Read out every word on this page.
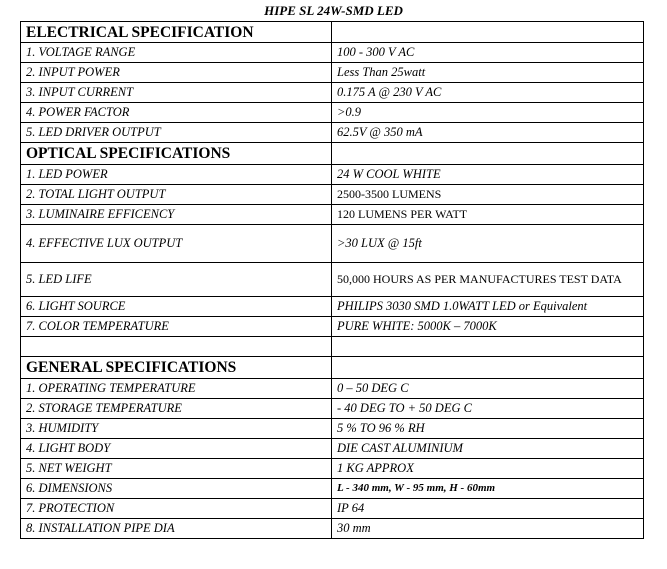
HIPE SL 24W-SMD LED
ELECTRICAL SPECIFICATION	
1. VOLTAGE RANGE	100 - 300 V AC
2. INPUT POWER	Less Than 25watt
3. INPUT CURRENT	0.175 A @ 230 V AC
4. POWER FACTOR	>0.9
5. LED DRIVER OUTPUT	62.5V @ 350 mA
OPTICAL SPECIFICATIONS	
1. LED POWER	24 W COOL WHITE
2. TOTAL LIGHT OUTPUT	2500-3500 LUMENS
3. LUMINAIRE EFFICENCY	120 LUMENS PER WATT
4. EFFECTIVE LUX OUTPUT	>30 LUX @ 15ft
5. LED LIFE	50,000 HOURS AS PER MANUFACTURES TEST DATA
6. LIGHT SOURCE	PHILIPS 3030 SMD 1.0WATT LED or Equivalent
7. COLOR TEMPERATURE	PURE WHITE: 5000K – 7000K

GENERAL SPECIFICATIONS	
1. OPERATING TEMPERATURE	0 – 50 DEG C
2. STORAGE TEMPERATURE	- 40 DEG TO + 50 DEG C
3. HUMIDITY	5 % TO 96 % RH
4. LIGHT BODY	DIE CAST ALUMINIUM
5. NET WEIGHT	1 KG APPROX
6. DIMENSIONS	L - 340 mm, W - 95 mm, H - 60mm
7. PROTECTION	IP 64
8. INSTALLATION PIPE DIA	30 mm
